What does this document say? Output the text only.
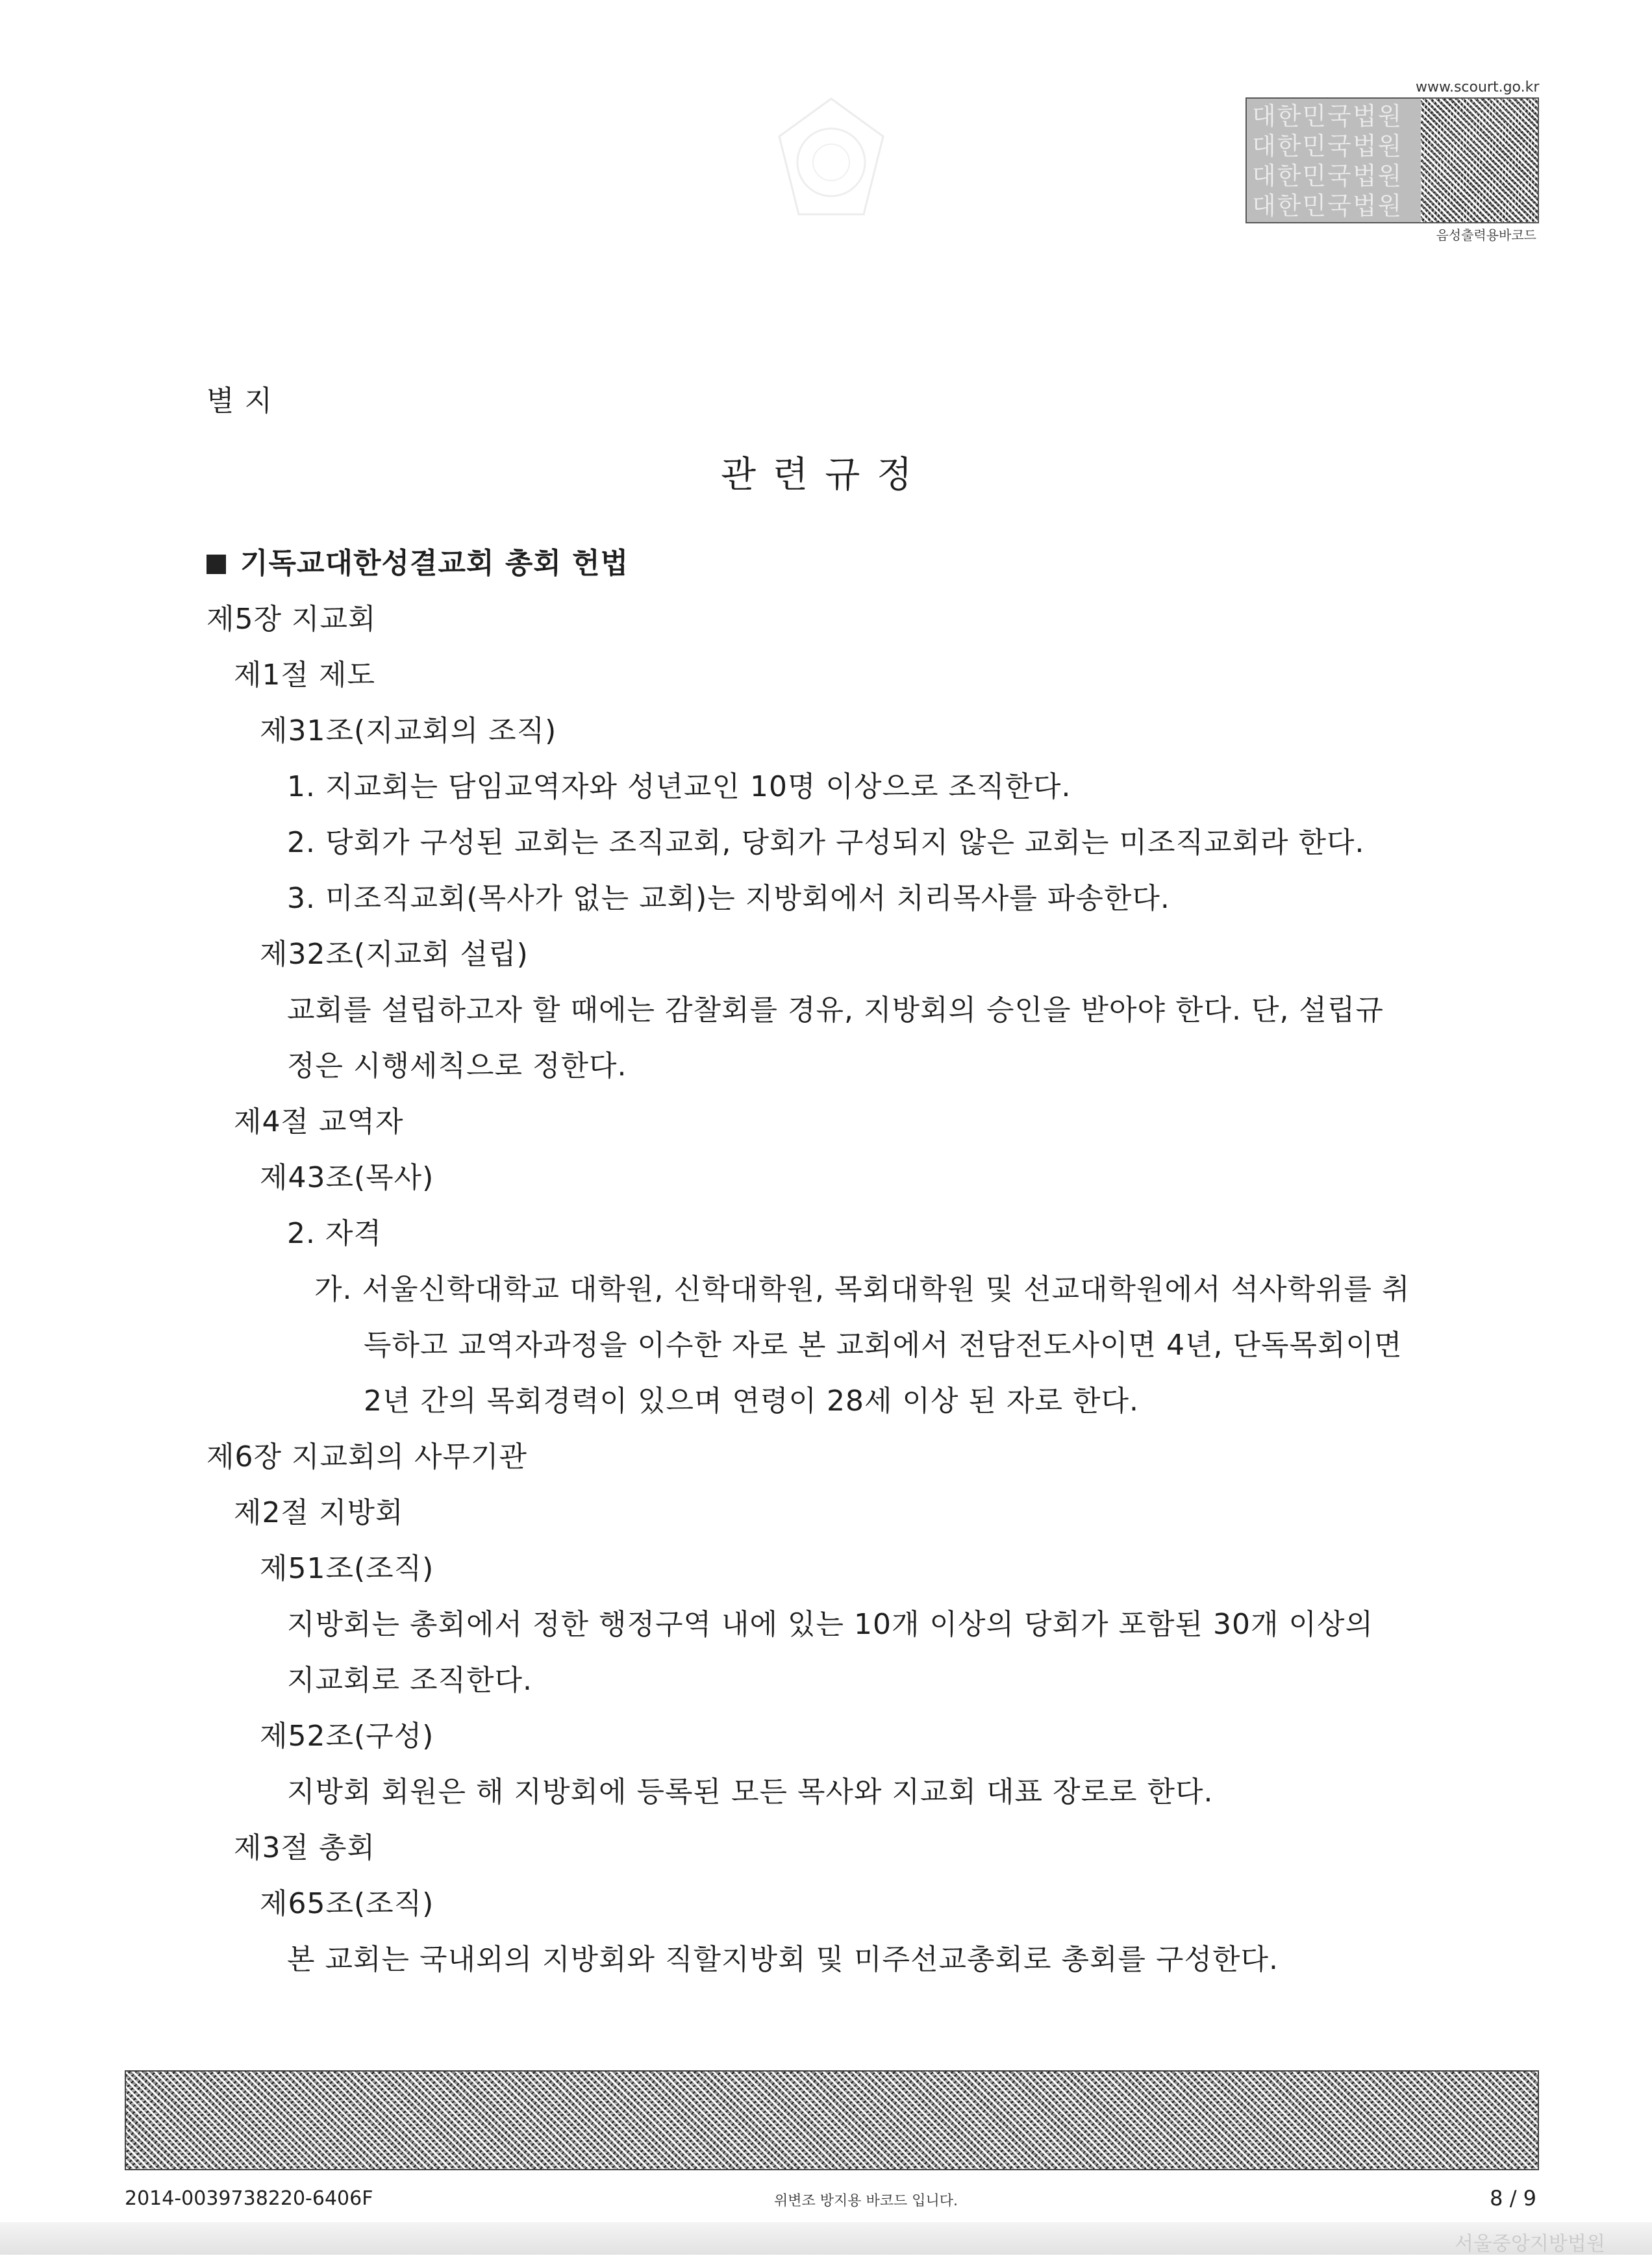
www.scourt.go.kr
대한민국법원
대한민국법원
대한민국법원
대한민국법원
음성출력용바코드
별 지
관련규정
기독교대한성결교회 총회 헌법
제5장 지교회
제1절 제도
제31조(지교회의 조직)
1. 지교회는 담임교역자와 성년교인 10명 이상으로 조직한다.
2. 당회가 구성된 교회는 조직교회, 당회가 구성되지 않은 교회는 미조직교회라 한다.
3. 미조직교회(목사가 없는 교회)는 지방회에서 치리목사를 파송한다.
제32조(지교회 설립)
교회를 설립하고자 할 때에는 감찰회를 경유, 지방회의 승인을 받아야 한다. 단, 설립규
정은 시행세칙으로 정한다.
제4절 교역자
제43조(목사)
2. 자격
가. 서울신학대학교 대학원, 신학대학원, 목회대학원 및 선교대학원에서 석사학위를 취
득하고 교역자과정을 이수한 자로 본 교회에서 전담전도사이면 4년, 단독목회이면
2년 간의 목회경력이 있으며 연령이 28세 이상 된 자로 한다.
제6장 지교회의 사무기관
제2절 지방회
제51조(조직)
지방회는 총회에서 정한 행정구역 내에 있는 10개 이상의 당회가 포함된 30개 이상의
지교회로 조직한다.
제52조(구성)
지방회 회원은 해 지방회에 등록된 모든 목사와 지교회 대표 장로로 한다.
제3절 총회
제65조(조직)
본 교회는 국내외의 지방회와 직할지방회 및 미주선교총회로 총회를 구성한다.
2014-0039738220-6406F	위변조 방지용 바코드 입니다.	8 / 9
서울중앙지방법원
